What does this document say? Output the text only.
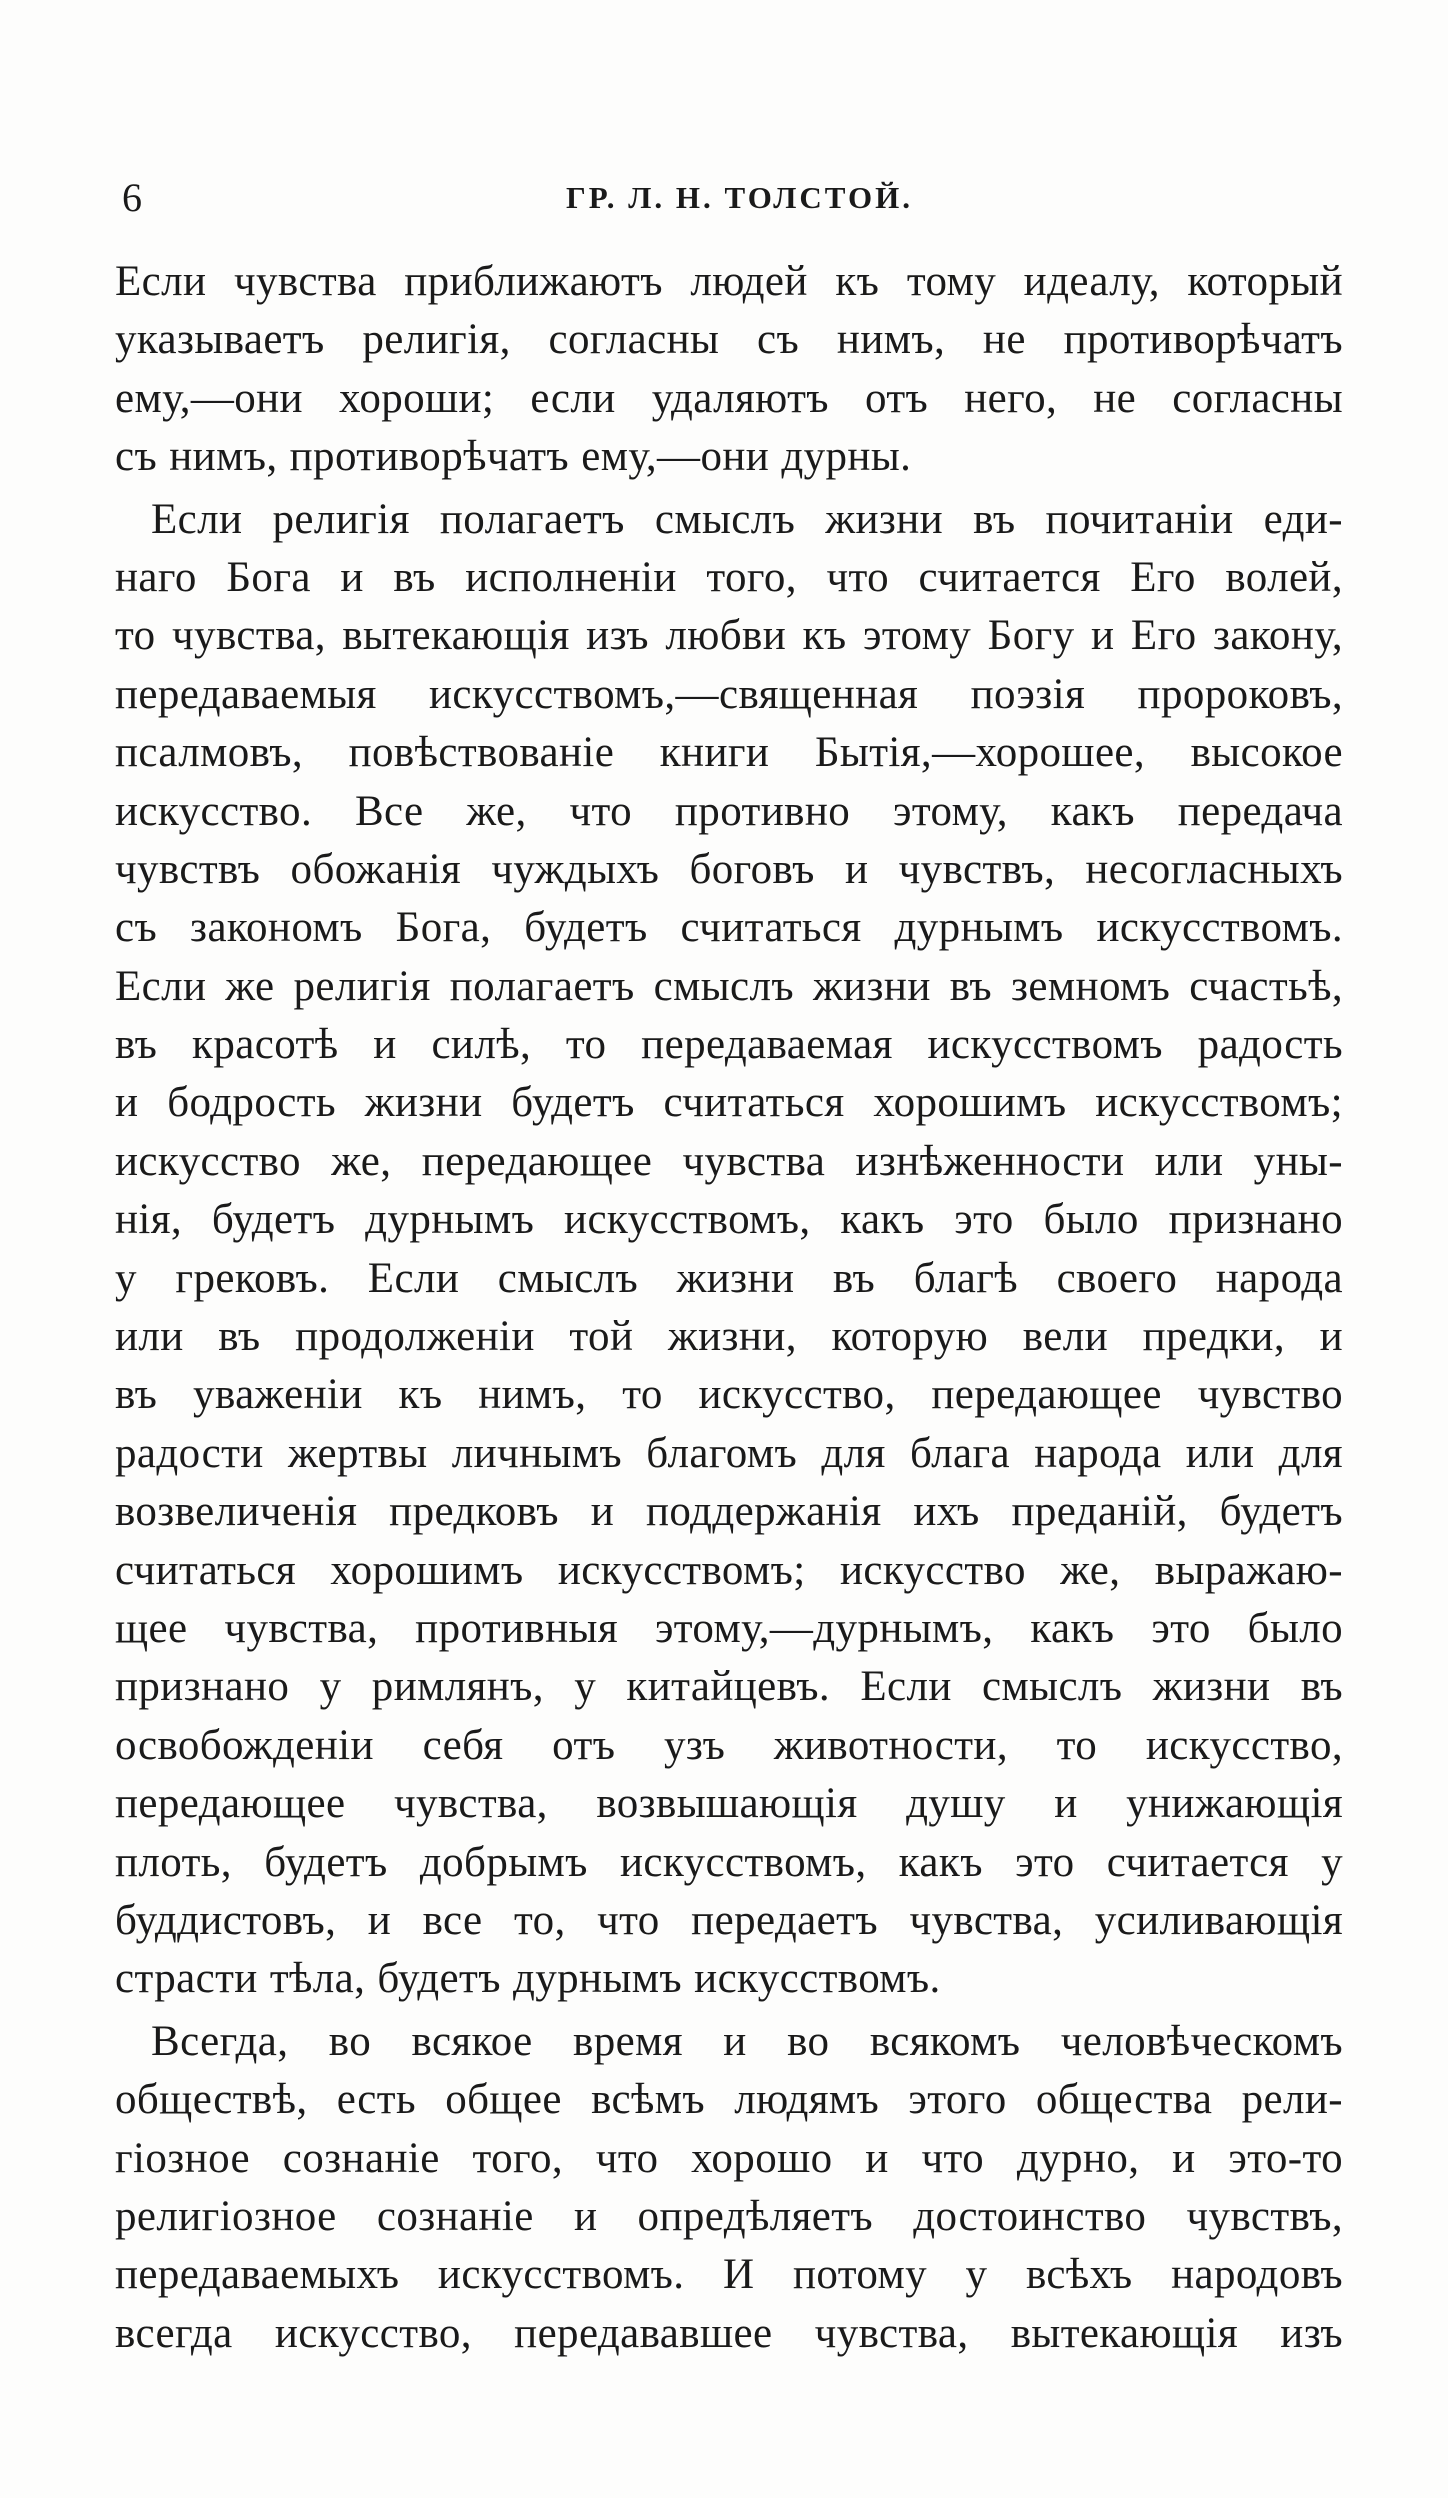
6	ГР. Л. Н. ТОЛСТОЙ.
Если чувства приближаютъ людей къ тому идеалу, который
указываетъ религія, согласны съ нимъ, не противорѣчатъ
ему,—они хороши; если удаляютъ отъ него, не согласны
съ нимъ, противорѣчатъ ему,—они дурны.
Если религія полагаетъ смыслъ жизни въ почитаніи еди-
наго Бога и въ исполненіи того, что считается Его волей,
то чувства, вытекающія изъ любви къ этому Богу и Его закону,
передаваемыя искусствомъ,—священная поэзія пророковъ,
псалмовъ, повѣствованіе книги Бытія,—хорошее, высокое
искусство. Все же, что противно этому, какъ передача
чувствъ обожанія чуждыхъ боговъ и чувствъ, несогласныхъ
съ закономъ Бога, будетъ считаться дурнымъ искусствомъ.
Если же религія полагаетъ смыслъ жизни въ земномъ счастьѣ,
въ красотѣ и силѣ, то передаваемая искусствомъ радость
и бодрость жизни будетъ считаться хорошимъ искусствомъ;
искусство же, передающее чувства изнѣженности или уны-
нія, будетъ дурнымъ искусствомъ, какъ это было признано
у грековъ. Если смыслъ жизни въ благѣ своего народа
или въ продолженіи той жизни, которую вели предки, и
въ уваженіи къ нимъ, то искусство, передающее чувство
радости жертвы личнымъ благомъ для блага народа или для
возвеличенія предковъ и поддержанія ихъ преданій, будетъ
считаться хорошимъ искусствомъ; искусство же, выражаю-
щее чувства, противныя этому,—дурнымъ, какъ это было
признано у римлянъ, у китайцевъ. Если смыслъ жизни въ
освобожденіи себя отъ узъ животности, то искусство,
передающее чувства, возвышающія душу и унижающія
плоть, будетъ добрымъ искусствомъ, какъ это считается у
буддистовъ, и все то, что передаетъ чувства, усиливающія
страсти тѣла, будетъ дурнымъ искусствомъ.
Всегда, во всякое время и во всякомъ человѣческомъ
обществѣ, есть общее всѣмъ людямъ этого общества рели-
гіозное сознаніе того, что хорошо и что дурно, и это-то
религіозное сознаніе и опредѣляетъ достоинство чувствъ,
передаваемыхъ искусствомъ. И потому у всѣхъ народовъ
всегда искусство, передававшее чувства, вытекающія изъ
